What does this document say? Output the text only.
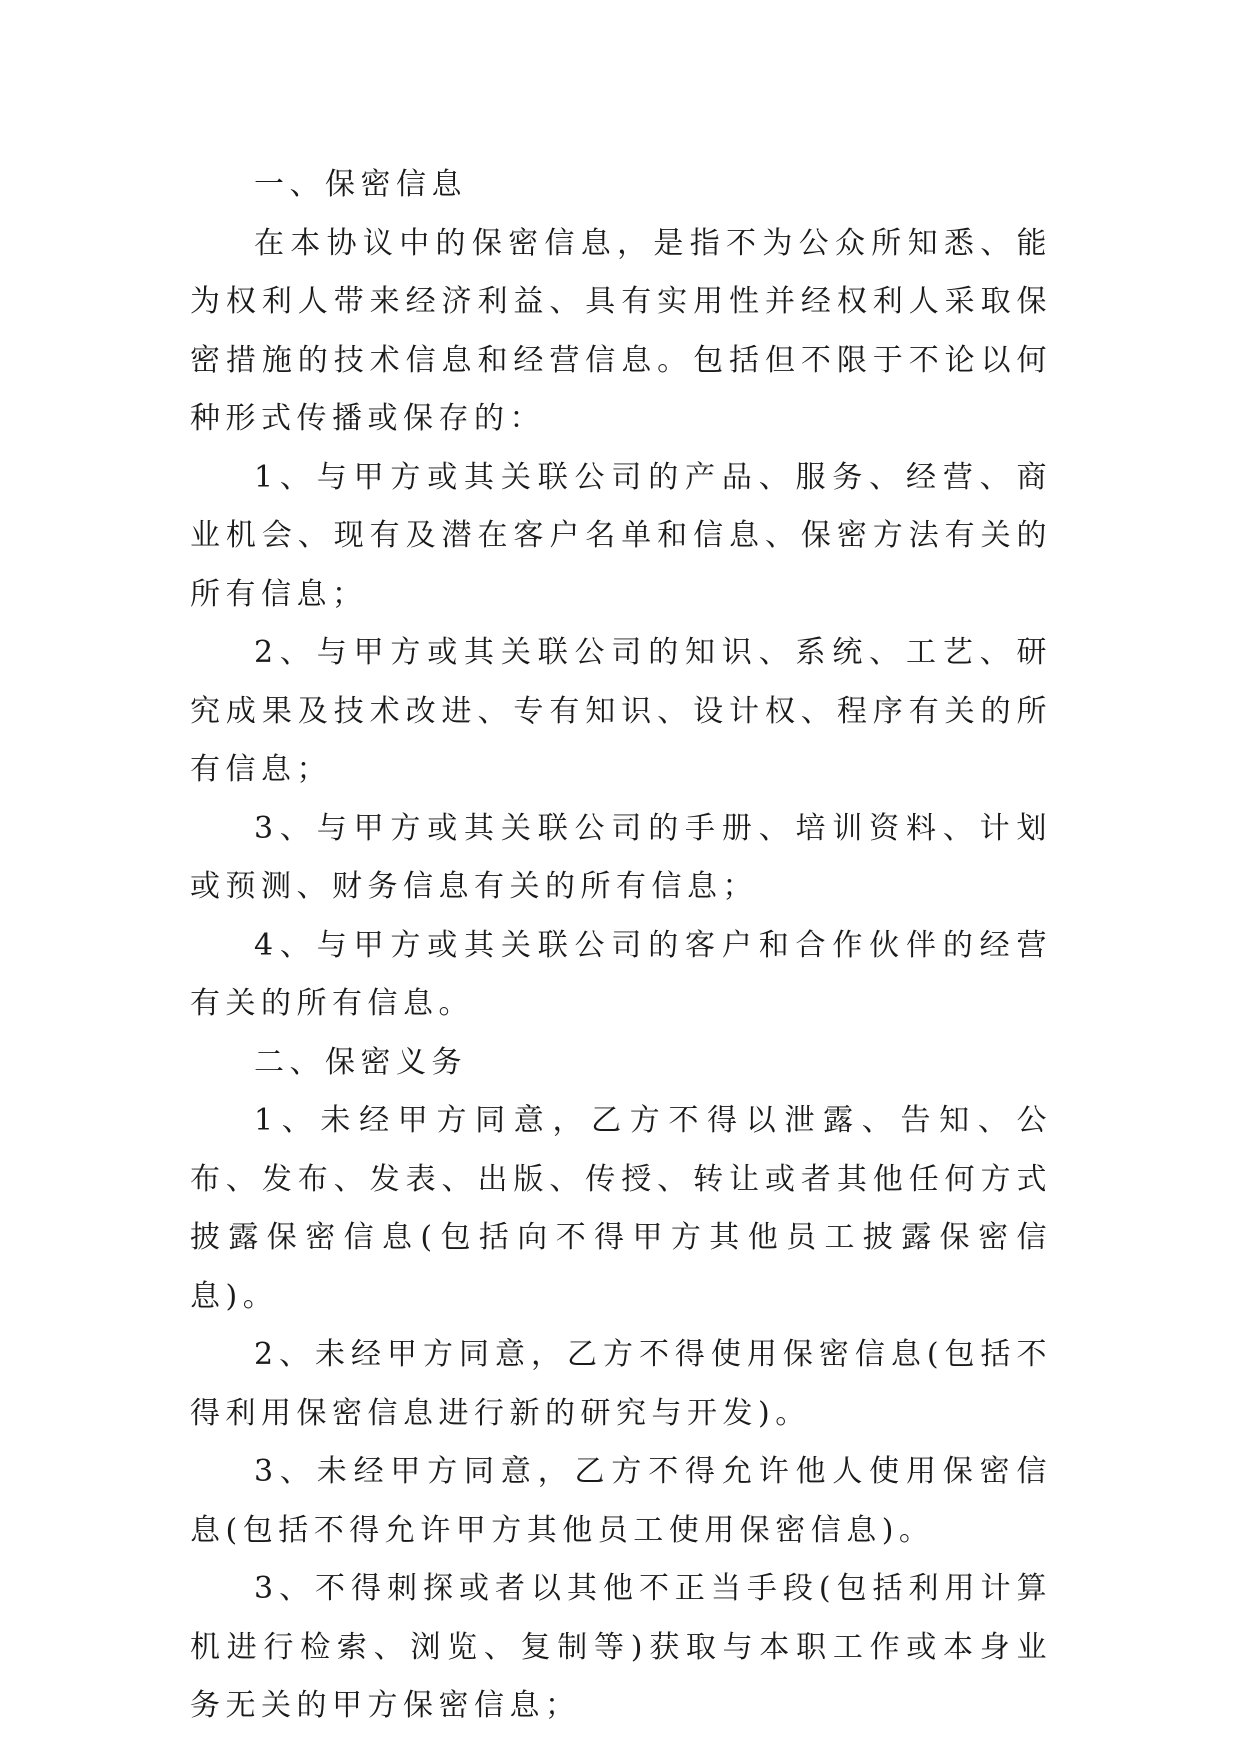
一、保密信息

在本协议中的保密信息，是指不为公众所知悉、能为权利人带来经济利益、具有实用性并经权利人采取保密措施的技术信息和经营信息。包括但不限于不论以何种形式传播或保存的：

1、与甲方或其关联公司的产品、服务、经营、商业机会、现有及潜在客户名单和信息、保密方法有关的所有信息；

2、与甲方或其关联公司的知识、系统、工艺、研究成果及技术改进、专有知识、设计权、程序有关的所有信息；

3、与甲方或其关联公司的手册、培训资料、计划或预测、财务信息有关的所有信息；

4、与甲方或其关联公司的客户和合作伙伴的经营有关的所有信息。

二、保密义务

1、未经甲方同意，乙方不得以泄露、告知、公布、发布、发表、出版、传授、转让或者其他任何方式披露保密信息(包括向不得甲方其他员工披露保密信息)。

2、未经甲方同意，乙方不得使用保密信息(包括不得利用保密信息进行新的研究与开发)。

3、未经甲方同意，乙方不得允许他人使用保密信息(包括不得允许甲方其他员工使用保密信息)。

3、不得刺探或者以其他不正当手段(包括利用计算机进行检索、浏览、复制等)获取与本职工作或本身业务无关的甲方保密信息；
